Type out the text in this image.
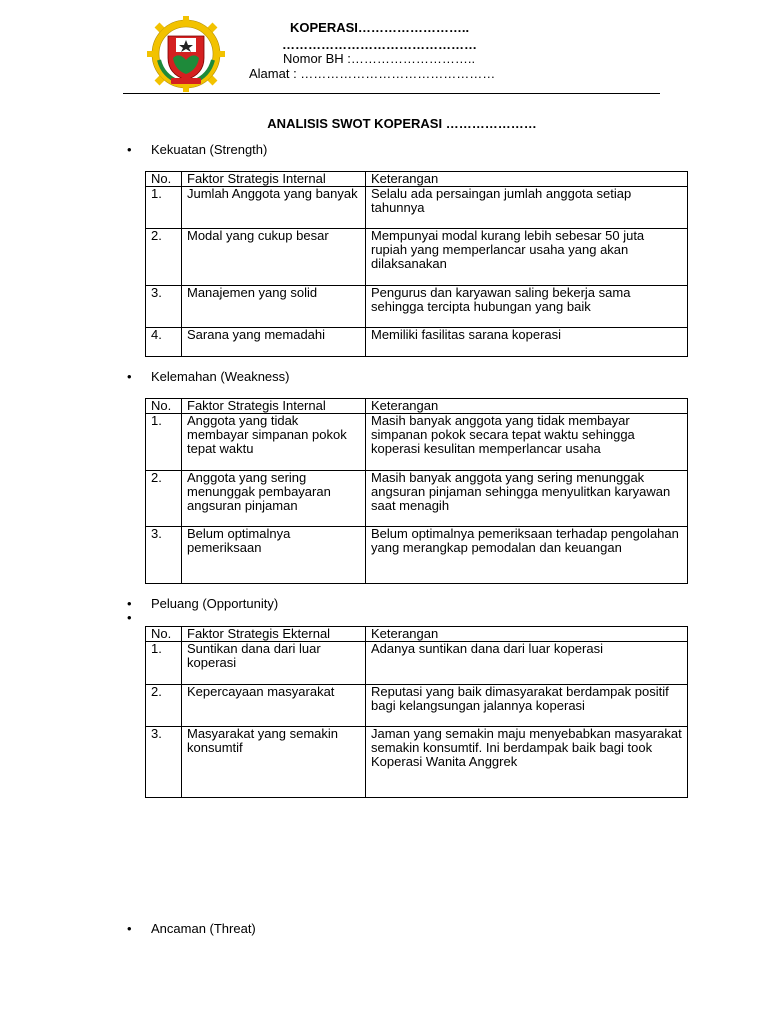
KOPERASI……………………..
………………………………………
Nomor BH :………………………..
Alamat : ………………………………………
ANALISIS SWOT KOPERASI …………………
• Kekuatan (Strength)
No.	Faktor Strategis Internal	Keterangan
1.	Jumlah Anggota yang banyak	Selalu ada persaingan jumlah anggota setiap tahunnya
2.	Modal yang cukup besar	Mempunyai modal kurang lebih sebesar 50 juta rupiah yang memperlancar usaha yang akan dilaksanakan
3.	Manajemen yang solid	Pengurus dan karyawan saling bekerja sama sehingga tercipta hubungan yang baik
4.	Sarana yang memadahi	Memiliki fasilitas sarana koperasi
• Kelemahan (Weakness)
No.	Faktor Strategis Internal	Keterangan
1.	Anggota yang tidak membayar simpanan pokok tepat waktu	Masih banyak anggota yang tidak membayar simpanan pokok secara tepat waktu sehingga koperasi kesulitan memperlancar usaha
2.	Anggota yang sering menunggak pembayaran angsuran pinjaman	Masih banyak anggota yang sering menunggak angsuran pinjaman sehingga menyulitkan karyawan saat menagih
3.	Belum optimalnya pemeriksaan	Belum optimalnya pemeriksaan terhadap pengolahan yang merangkap pemodalan dan keuangan
• Peluang (Opportunity)
•
No.	Faktor Strategis Ekternal	Keterangan
1.	Suntikan dana dari luar koperasi	Adanya suntikan dana dari luar koperasi
2.	Kepercayaan masyarakat	Reputasi yang baik dimasyarakat berdampak positif bagi kelangsungan jalannya koperasi
3.	Masyarakat yang semakin konsumtif	Jaman yang semakin maju menyebabkan masyarakat semakin konsumtif. Ini berdampak baik bagi took Koperasi Wanita Anggrek
• Ancaman (Threat)
